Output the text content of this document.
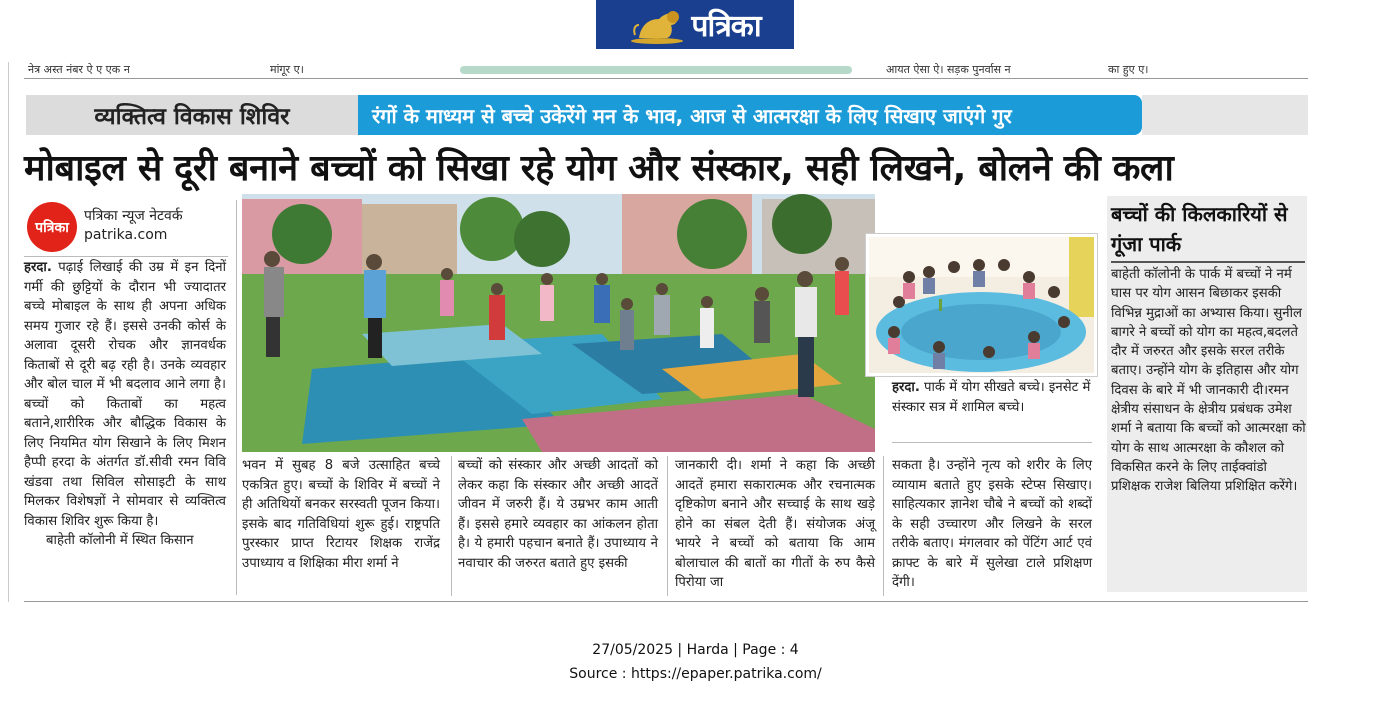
पत्रिका
नेत्र अस्त नंबर ऐ ए एक न	मांगूर ए।	आयत ऐसा ऐ। सड़क पुनर्वास न	का हुए ए।
व्यक्तित्व विकास शिविर	रंगों के माध्यम से बच्चे उकेरेंगे मन के भाव, आज से आत्मरक्षा के लिए सिखाए जाएंगे गुर
मोबाइल से दूरी बनाने बच्चों को सिखा रहे योग और संस्कार, सही लिखने, बोलने की कला
पत्रिका
पत्रिका न्यूज नेटवर्क
patrika.com
हरदा. पढ़ाई लिखाई की उम्र में इन दिनों गर्मी की छुट्टियों के दौरान भी ज्यादातर बच्चे मोबाइल के साथ ही अपना अधिक समय गुजार रहे हैं। इससे उनकी कोर्स के अलावा दूसरी रोचक और ज्ञानवर्धक किताबों से दूरी बढ़ रही है। उनके व्यवहार और बोल चाल में भी बदलाव आने लगा है। बच्चों को किताबों का महत्व बताने,शारीरिक और बौद्धिक विकास के लिए नियमित योग सिखाने के लिए मिशन हैप्पी हरदा के अंतर्गत डॉ.सीवी रमन विवि खंडवा तथा सिविल सोसाइटी के साथ मिलकर विशेषज्ञों ने सोमवार से व्यक्तित्व विकास शिविर शुरू किया है।
बाहेती कॉलोनी में स्थित किसान
हरदा. पार्क में योग सीखते बच्चे। इनसेट में संस्कार सत्र में शामिल बच्चे।
भवन में सुबह 8 बजे उत्साहित बच्चे एकत्रित हुए। बच्चों के शिविर में बच्चों ने ही अतिथियों बनकर सरस्वती पूजन किया। इसके बाद गतिविधियां शुरू हुई। राष्ट्रपति पुरस्कार प्राप्त रिटायर शिक्षक राजेंद्र उपाध्याय व शिक्षिका मीरा शर्मा ने
बच्चों को संस्कार और अच्छी आदतों को लेकर कहा कि संस्कार और अच्छी आदतें जीवन में जरुरी हैं। ये उम्रभर काम आती हैं। इससे हमारे व्यवहार का आंकलन होता है। ये हमारी पहचान बनाते हैं। उपाध्याय ने नवाचार की जरुरत बताते हुए इसकी
जानकारी दी। शर्मा ने कहा कि अच्छी आदतें हमारा सकारात्मक और रचनात्मक दृष्टिकोण बनाने और सच्चाई के साथ खड़े होने का संबल देती हैं। संयोजक अंजू भायरे ने बच्चों को बताया कि आम बोलाचाल की बातों का गीतों के रुप कैसे पिरोया जा
सकता है। उन्होंने नृत्य को शरीर के लिए व्यायाम बताते हुए इसके स्टेप्स सिखाए। साहित्यकार ज्ञानेश चौबे ने बच्चों को शब्दों के सही उच्चारण और लिखने के सरल तरीके बताए। मंगलवार को पेंटिंग आर्ट एवं क्राफ्ट के बारे में सुलेखा टाले प्रशिक्षण देंगी।
बच्चों की किलकारियों से गूंजा पार्क
बाहेती कॉलोनी के पार्क में बच्चों ने नर्म घास पर योग आसन बिछाकर इसकी विभिन्न मुद्राओं का अभ्यास किया। सुनील बागरे ने बच्चों को योग का महत्व,बदलते दौर में जरुरत और इसके सरल तरीके बताए। उन्होंने योग के इतिहास और योग दिवस के बारे में भी जानकारी दी।रमन क्षेत्रीय संसाधन के क्षेत्रीय प्रबंधक उमेश शर्मा ने बताया कि बच्चों को आत्मरक्षा को योग के साथ आत्मरक्षा के कौशल को विकसित करने के लिए ताईक्वांडो प्रशिक्षक राजेश बिलिया प्रशिक्षित करेंगे।
27/05/2025 | Harda | Page : 4
Source : https://epaper.patrika.com/
